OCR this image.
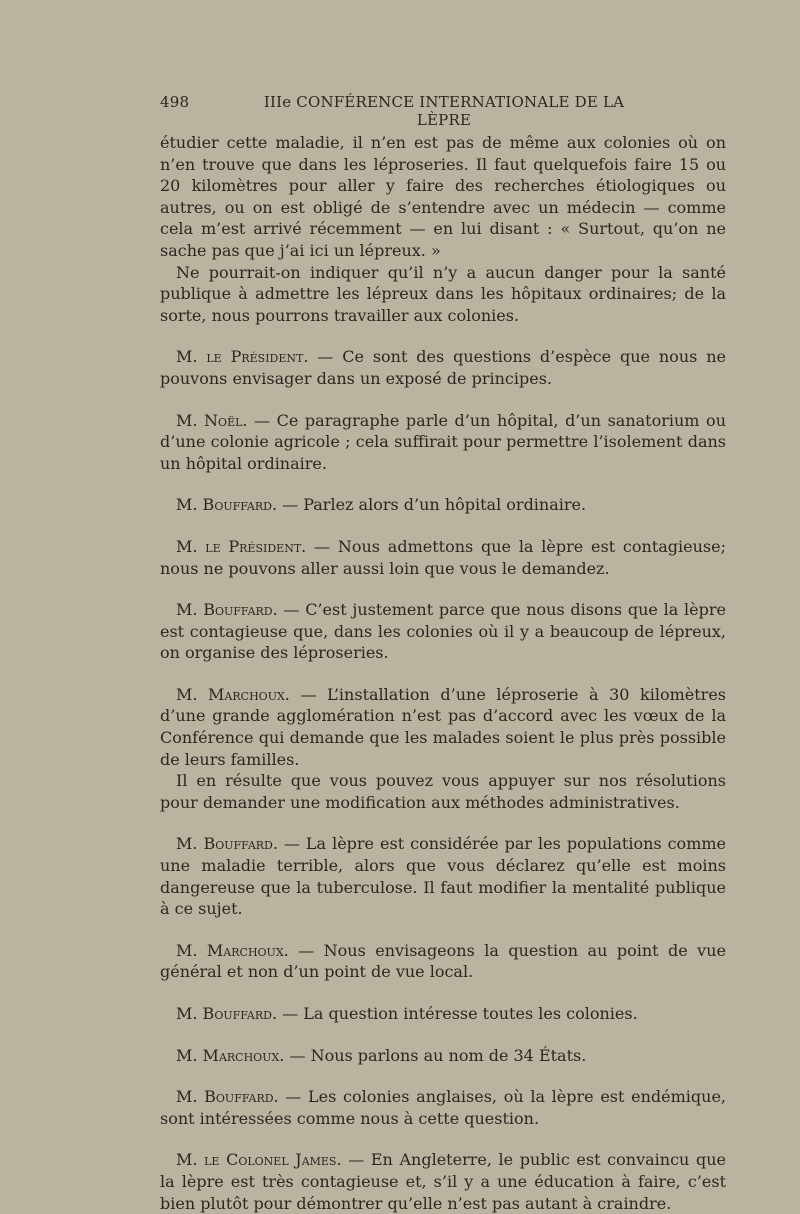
498	IIIe CONFÉRENCE INTERNATIONALE DE LA LÈPRE

étudier cette maladie, il n’en est pas de même aux colonies où on n’en trouve que dans les léproseries. Il faut quelquefois faire 15 ou 20 kilomètres pour aller y faire des recherches étiologiques ou autres, ou on est obligé de s’entendre avec un médecin — comme cela m’est arrivé récemment — en lui disant : « Surtout, qu’on ne sache pas que j’ai ici un lépreux. »

Ne pourrait-on indiquer qu’il n’y a aucun danger pour la santé publique à admettre les lépreux dans les hôpitaux ordinaires; de la sorte, nous pourrons travailler aux colonies.

M. le Président. — Ce sont des questions d’espèce que nous ne pouvons envisager dans un exposé de principes.

M. Noël. — Ce paragraphe parle d’un hôpital, d’un sanatorium ou d’une colonie agricole ; cela suffirait pour permettre l’isolement dans un hôpital ordinaire.

M. Bouffard. — Parlez alors d’un hôpital ordinaire.

M. le Président. — Nous admettons que la lèpre est contagieuse; nous ne pouvons aller aussi loin que vous le demandez.

M. Bouffard. — C’est justement parce que nous disons que la lèpre est contagieuse que, dans les colonies où il y a beaucoup de lépreux, on organise des léproseries.

M. Marchoux. — L’installation d’une léproserie à 30 kilomètres d’une grande agglomération n’est pas d’accord avec les vœux de la Conférence qui demande que les malades soient le plus près possible de leurs familles.

Il en résulte que vous pouvez vous appuyer sur nos résolutions pour demander une modification aux méthodes administratives.

M. Bouffard. — La lèpre est considérée par les populations comme une maladie terrible, alors que vous déclarez qu’elle est moins dangereuse que la tuberculose. Il faut modifier la mentalité publique à ce sujet.

M. Marchoux. — Nous envisageons la question au point de vue général et non d’un point de vue local.

M. Bouffard. — La question intéresse toutes les colonies.

M. Marchoux. — Nous parlons au nom de 34 États.

M. Bouffard. — Les colonies anglaises, où la lèpre est endémique, sont intéressées comme nous à cette question.

M. le Colonel James. — En Angleterre, le public est convaincu que la lèpre est très contagieuse et, s’il y a une éducation à faire, c’est bien plutôt pour démontrer qu’elle n’est pas autant à craindre.
